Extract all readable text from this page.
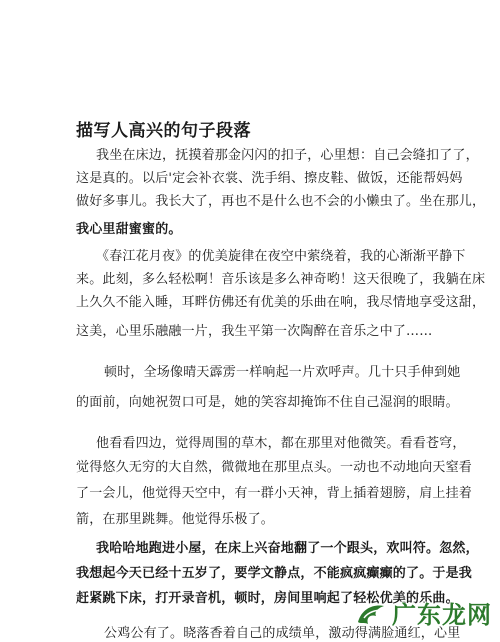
描写人高兴的句子段落
我坐在床边，抚摸着那金闪闪的扣子，心里想：自己会缝扣了了，
这是真的。以后'定会补衣裳、洗手绢、擦皮鞋、做饭，还能帮妈妈
做好多事儿。我长大了，再也不是什么也不会的小懒虫了。坐在那儿，
我心里甜蜜蜜的。
《春江花月夜》的优美旋律在夜空中萦绕着，我的心渐渐平静下
来。此刻，多么轻松啊！音乐该是多么神奇哟！这天很晚了，我躺在床
上久久不能入睡，耳畔仿佛还有优美的乐曲在响，我尽情地享受这甜，
这美，心里乐融融一片，我生平第一次陶醉在音乐之中了……
顿时，全场像晴天霹雳一样响起一片欢呼声。几十只手伸到她
的面前，向她祝贺口可是，她的笑容却掩饰不住自己湿润的眼睛。
他看看四边，觉得周围的草木，都在那里对他微笑。看看苍穹，
觉得悠久无穷的大自然，微微地在那里点头。一动也不动地向天窒看
了一会儿，他觉得天空中，有一群小天神，背上插着翅膀，肩上挂着
箭，在那里跳舞。他觉得乐极了。
我哈哈地跑进小屋，在床上兴奋地翻了一个跟头，欢叫符。忽然，
我想起今天已经十五岁了，要学文静点，不能疯疯癫癫的了。于是我
赶紧跳下床，打开录音机，顿时，房间里响起了轻松优美的乐曲。
公鸡公有了。晓落香着自己的成绩单，激动得满脸通红，心里
广东龙网
